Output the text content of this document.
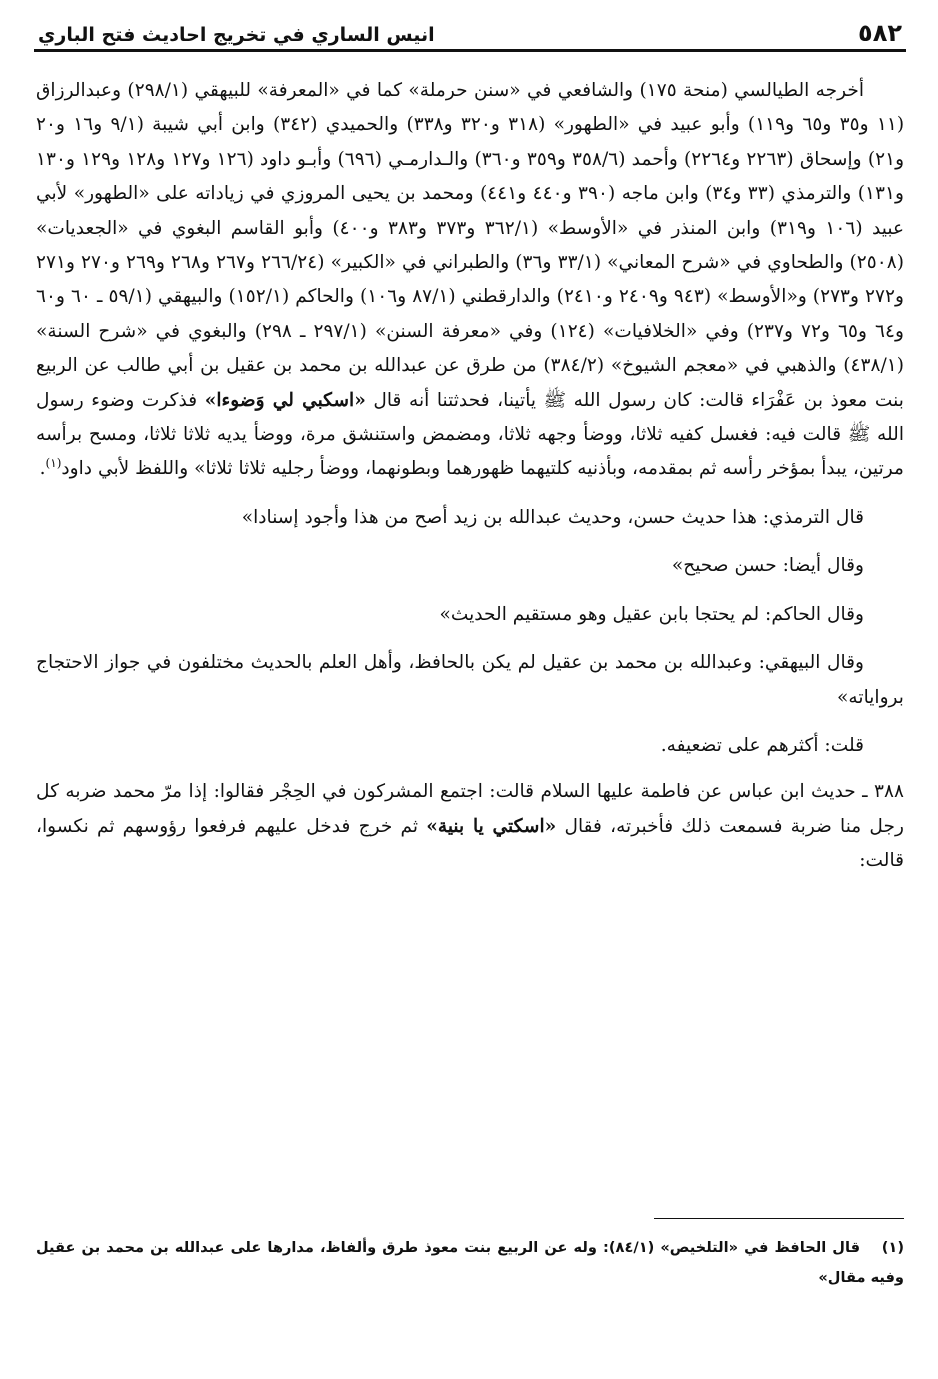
٥٨٢
انيس الساري في تخريج احاديث فتح الباري

أخرجه الطيالسي (منحة ١٧٥) والشافعي في «سنن حرملة» كما في «المعرفة» للبيهقي (٢٩٨/١) وعبدالرزاق (١١ و٣٥ و٦٥ و١١٩) وأبو عبيد في «الطهور» (٣١٨ و٣٢٠ و٣٣٨) والحميدي (٣٤٢) وابن أبي شيبة (٩/١ و١٦ و٢٠ و٢١) وإسحاق (٢٢٦٣ و٢٢٦٤) وأحمد (٣٥٨/٦ و٣٥٩ و٣٦٠) والـدارمـي (٦٩٦) وأبـو داود (١٢٦ و١٢٧ و١٢٨ و١٢٩ و١٣٠ و١٣١) والترمذي (٣٣ و٣٤) وابن ماجه (٣٩٠ و٤٤٠ و٤٤١) ومحمد بن يحيى المروزي في زياداته على «الطهور» لأبي عبيد (١٠٦ و٣١٩) وابن المنذر في «الأوسط» (٣٦٢/١ و٣٧٣ و٣٨٣ و٤٠٠) وأبو القاسم البغوي في «الجعديات» (٢٥٠٨) والطحاوي في «شرح المعاني» (٣٣/١ و٣٦) والطبراني في «الكبير» (٢٦٦/٢٤ و٢٦٧ و٢٦٨ و٢٦٩ و٢٧٠ و٢٧١ و٢٧٢ و٢٧٣) و«الأوسط» (٩٤٣ و٢٤٠٩ و٢٤١٠) والدارقطني (٨٧/١ و١٠٦) والحاكم (١٥٢/١) والبيهقي (٥٩/١ ـ ٦٠ و٦٠ و٦٤ و٦٥ و٧٢ و٢٣٧) وفي «الخلافيات» (١٢٤) وفي «معرفة السنن» (٢٩٧/١ ـ ٢٩٨) والبغوي في «شرح السنة» (٤٣٨/١) والذهبي في «معجم الشيوخ» (٣٨٤/٢) من طرق عن عبدالله بن محمد بن عقيل بن أبي طالب عن الربيع بنت معوذ بن عَفْرَاء قالت: كان رسول الله ﷺ يأتينا، فحدثتنا أنه قال «اسكبي لي وَضوءا» فذكرت وضوء رسول الله ﷺ قالت فيه: فغسل كفيه ثلاثا، ووضأ وجهه ثلاثا، ومضمض واستنشق مرة، ووضأ يديه ثلاثا ثلاثا، ومسح برأسه مرتين، يبدأ بمؤخر رأسه ثم بمقدمه، وبأذنيه كلتيهما ظهورهما وبطونهما، ووضأ رجليه ثلاثا ثلاثا» واللفظ لأبي داود$^{(١)}$.

قال الترمذي: هذا حديث حسن، وحديث عبدالله بن زيد أصح من هذا وأجود إسنادا»

وقال أيضا: حسن صحيح»

وقال الحاكم: لم يحتجا بابن عقيل وهو مستقيم الحديث»

وقال البيهقي: وعبدالله بن محمد بن عقيل لم يكن بالحافظ، وأهل العلم بالحديث مختلفون في جواز الاحتجاج برواياته»

قلت: أكثرهم على تضعيفه.

٣٨٨ ـ حديث ابن عباس عن فاطمة عليها السلام قالت: اجتمع المشركون في الحِجْر فقالوا: إذا مرّ محمد ضربه كل رجل منا ضربة فسمعت ذلك فأخبرته، فقال «اسكتي يا بنية» ثم خرج فدخل عليهم فرفعوا رؤوسهم ثم نكسوا، قالت:

(١)قال الحافظ في «التلخيص» (٨٤/١): وله عن الربيع بنت معوذ طرق وألفاظ، مدارها على عبدالله بن محمد بن عقيل وفيه مقال»
